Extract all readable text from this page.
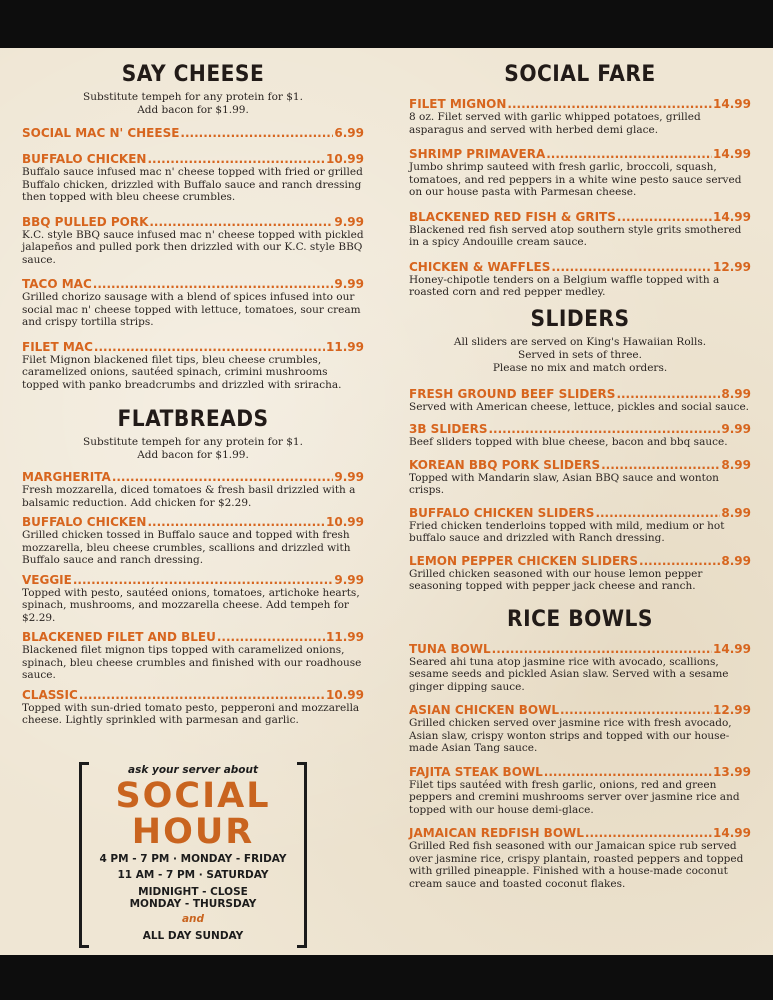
SAY CHEESE

Substitute tempeh for any protein for $1.

Add bacon for $1.99.

SOCIAL MAC N' CHEESE .....	6.99
BUFFALO CHICKEN .....	10.99

Buffalo sauce infused mac n' cheese topped with fried or grilled Buffalo chicken, drizzled with Buffalo sauce and ranch dressing then topped with bleu cheese crumbles.

BBQ PULLED PORK .....	9.99

K.C. style BBQ sauce infused mac n' cheese topped with pickled jalapeños and pulled pork then drizzled with our K.C. style BBQ sauce.

TACO MAC .....	9.99

Grilled chorizo sausage with a blend of spices infused into our social mac n' cheese topped with lettuce, tomatoes, sour cream and crispy tortilla strips.

FILET MAC .....	11.99

Filet Mignon blackened filet tips, bleu cheese crumbles, caramelized onions, sautéed spinach, crimini mushrooms topped with panko breadcrumbs and drizzled with sriracha.

FLATBREADS

Substitute tempeh for any protein for $1.

Add bacon for $1.99.

MARGHERITA .....	9.99

Fresh mozzarella, diced tomatoes & fresh basil drizzled with a balsamic reduction. Add chicken for $2.29.

BUFFALO CHICKEN .....	10.99

Grilled chicken tossed in Buffalo sauce and topped with fresh mozzarella, bleu cheese crumbles, scallions and drizzled with Buffalo sauce and ranch dressing.

VEGGIE .....	9.99

Topped with pesto, sautéed onions, tomatoes, artichoke hearts, spinach, mushrooms, and mozzarella cheese. Add tempeh for $2.29.

BLACKENED FILET AND BLEU .....	11.99

Blackened filet mignon tips topped with caramelized onions, spinach, bleu cheese crumbles and finished with our roadhouse sauce.

CLASSIC .....	10.99

Topped with sun-dried tomato pesto, pepperoni and mozzarella cheese. Lightly sprinkled with parmesan and garlic.

ask your server about
SOCIAL
HOUR
4 PM - 7 PM · MONDAY - FRIDAY
11 AM - 7 PM · SATURDAY
MIDNIGHT - CLOSE
MONDAY - THURSDAY
and
ALL DAY SUNDAY
SOCIAL FARE
FILET MIGNON .....	14.99

8 oz. Filet served with garlic whipped potatoes, grilled asparagus and served with herbed demi glace.

SHRIMP PRIMAVERA .....	14.99

Jumbo shrimp sauteed with fresh garlic, broccoli, squash, tomatoes, and red peppers in a white wine pesto sauce served on our house pasta with Parmesan cheese.

BLACKENED RED FISH & GRITS .....	14.99

Blackened red fish served atop southern style grits smothered in a spicy Andouille cream sauce.

CHICKEN & WAFFLES .....	12.99

Honey-chipotle tenders on a Belgium waffle topped with a roasted corn and red pepper medley.

SLIDERS

All sliders are served on King's Hawaiian Rolls.

Served in sets of three.

Please no mix and match orders.

FRESH GROUND BEEF SLIDERS .....	8.99

Served with American cheese, lettuce, pickles and social sauce.

3B SLIDERS .....	9.99

Beef sliders topped with blue cheese, bacon and bbq sauce.

KOREAN BBQ PORK SLIDERS .....	8.99

Topped with Mandarin slaw, Asian BBQ sauce and wonton crisps.

BUFFALO CHICKEN SLIDERS .....	8.99

Fried chicken tenderloins topped with mild, medium or hot buffalo sauce and drizzled with Ranch dressing.

LEMON PEPPER CHICKEN SLIDERS .....	8.99

Grilled chicken seasoned with our house lemon pepper seasoning topped with pepper jack cheese and ranch.

RICE BOWLS
TUNA BOWL .....	14.99

Seared ahi tuna atop jasmine rice with avocado, scallions, sesame seeds and pickled Asian slaw. Served with a sesame ginger dipping sauce.

ASIAN CHICKEN BOWL .....	12.99

Grilled chicken served over jasmine rice with fresh avocado, Asian slaw, crispy wonton strips and topped with our house-made Asian Tang sauce.

FAJITA STEAK BOWL .....	13.99

Filet tips sautéed with fresh garlic, onions, red and green peppers and cremini mushrooms server over jasmine rice and topped with our house demi-glace.

JAMAICAN REDFISH BOWL .....	14.99

Grilled Red fish seasoned with our Jamaican spice rub served over jasmine rice, crispy plantain, roasted peppers and topped with grilled pineapple. Finished with a house-made coconut cream sauce and toasted coconut flakes.
